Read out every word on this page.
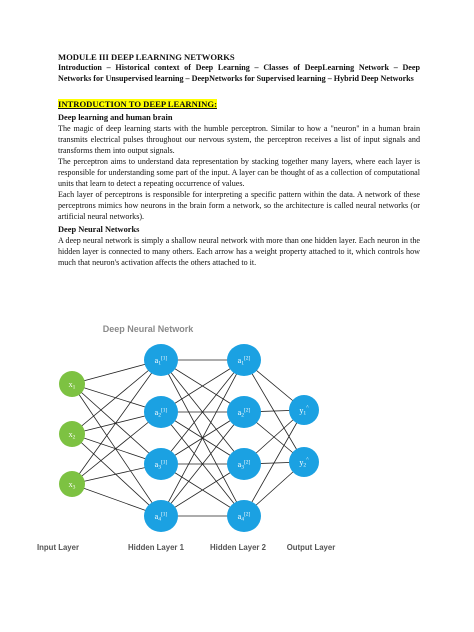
MODULE III DEEP LEARNING NETWORKS

Introduction – Historical context of Deep Learning – Classes of DeepLearning Network – Deep Networks for Unsupervised learning – DeepNetworks for Supervised learning – Hybrid Deep Networks

INTRODUCTION TO DEEP LEARNING:

Deep learning and human brain

The magic of deep learning starts with the humble perceptron. Similar to how a "neuron" in a human brain transmits electrical pulses throughout our nervous system, the perceptron receives a list of input signals and transforms them into output signals.

The perceptron aims to understand data representation by stacking together many layers, where each layer is responsible for understanding some part of the input. A layer can be thought of as a collection of computational units that learn to detect a repeating occurrence of values.

Each layer of perceptrons is responsible for interpreting a specific pattern within the data. A network of these perceptrons mimics how neurons in the brain form a network, so the architecture is called neural networks (or artificial neural networks).

Deep Neural Networks

A deep neural network is simply a shallow neural network with more than one hidden layer. Each neuron in the hidden layer is connected to many others. Each arrow has a weight property attached to it, which controls how much that neuron's activation affects the others attached to it.

Deep Neural Network
x1
x2
x3
a1[1]
a2[1]
a3[1]
a4[1]
a1[2]
a2[2]
a3[2]
a4[2]
y1^
y2^
Input Layer	Hidden Layer 1	Hidden Layer 2	Output Layer
